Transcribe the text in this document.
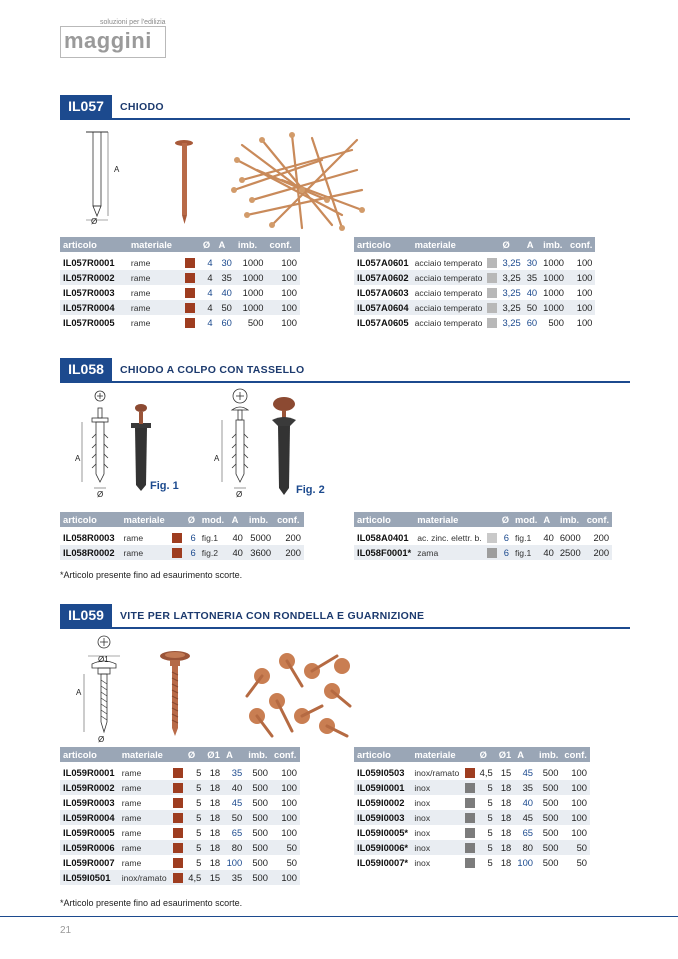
soluzioni per l'edilizia
maggini
IL057	CHIODO
A
Ø
articolo	materiale		Ø	A	imb.	conf.
IL057R0001	rame		4	30	1000	100
IL057R0002	rame		4	35	1000	100
IL057R0003	rame		4	40	1000	100
IL057R0004	rame		4	50	1000	100
IL057R0005	rame		4	60	500	100
articolo	materiale		Ø	A	imb.	conf.
IL057A0601	acciaio temperato		3,25	30	1000	100
IL057A0602	acciaio temperato		3,25	35	1000	100
IL057A0603	acciaio temperato		3,25	40	1000	100
IL057A0604	acciaio temperato		3,25	50	1000	100
IL057A0605	acciaio temperato		3,25	60	500	100
IL058	CHIODO A COLPO CON TASSELLO
A
Ø
Fig. 1
A
Ø	Fig. 2
articolo	materiale		Ø	mod.	A	imb.	conf.
IL058R0003	rame		6	fig.1	40	5000	200
IL058R0002	rame		6	fig.2	40	3600	200
articolo	materiale		Ø	mod.	A	imb.	conf.
IL058A0401	ac. zinc. elettr. b.		6	fig.1	40	6000	200
IL058F0001*	zama		6	fig.1	40	2500	200
*Articolo presente fino ad esaurimento scorte.
IL059	VITE PER LATTONERIA CON RONDELLA E GUARNIZIONE
Ø1
A
Ø
articolo	materiale		Ø	Ø1	A	imb.	conf.
IL059R0001	rame		5	18	35	500	100
IL059R0002	rame		5	18	40	500	100
IL059R0003	rame		5	18	45	500	100
IL059R0004	rame		5	18	50	500	100
IL059R0005	rame		5	18	65	500	100
IL059R0006	rame		5	18	80	500	50
IL059R0007	rame		5	18	100	500	50
IL059I0501	inox/ramato		4,5	15	35	500	100
articolo	materiale		Ø	Ø1	A	imb.	conf.
IL059I0503	inox/ramato		4,5	15	45	500	100
IL059I0001	inox		5	18	35	500	100
IL059I0002	inox		5	18	40	500	100
IL059I0003	inox		5	18	45	500	100
IL059I0005*	inox		5	18	65	500	100
IL059I0006*	inox		5	18	80	500	50
IL059I0007*	inox		5	18	100	500	50
*Articolo presente fino ad esaurimento scorte.
21
